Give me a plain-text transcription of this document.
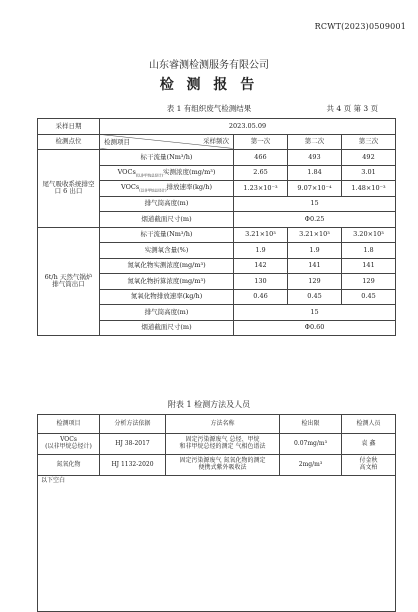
RCWT(2023)0509001
山东睿测检测服务有限公司
检 测 报 告
表 1 有组织废气检测结果	共 4 页 第 3 页
采样日期	2023.05.09			
检测点位	采样频次
检测项目	第一次	第二次	第三次
尾气吸收系统排空口 6 出口	标干流量(Nm³/h)	466	493	492
	VOCs$_{(以非甲烷总烃计)}$实测浓度(mg/m³)	2.65	1.84	3.01
	VOCs$_{(以非甲烷总烃计)}$排放速率(kg/h)	1.23×10⁻³	9.07×10⁻⁴	1.48×10⁻³
	排气筒高度(m)	15		
	烟道截面尺寸(m)	Φ0.25		
6t/h 天然气锅炉排气筒出口	标干流量(Nm³/h)	3.21×10³	3.21×10³	3.20×10³
	实测氧含量(%)	1.9	1.9	1.8
	氮氧化物实测浓度(mg/m³)	142	141	141
	氮氧化物折算浓度(mg/m³)	130	129	129
	氮氧化物排放速率(kg/h)	0.46	0.45	0.45
	排气筒高度(m)	15		
	烟道截面尺寸(m)	Φ0.60		
附表 1 检测方法及人员
检测项目	分析方法依据	方法名称	检出限	检测人员
VOCs
(以非甲烷总烃计)	HJ 38-2017	固定污染源废气 总烃、甲烷
和非甲烷总烃的测定 气相色谱法	0.07mg/m³	袁 鑫
氮氧化物	HJ 1132-2020	固定污染源废气 氮氧化物的测定
便携式紫外吸收法	2mg/m³	付金秋
高文柏
以下空白				
